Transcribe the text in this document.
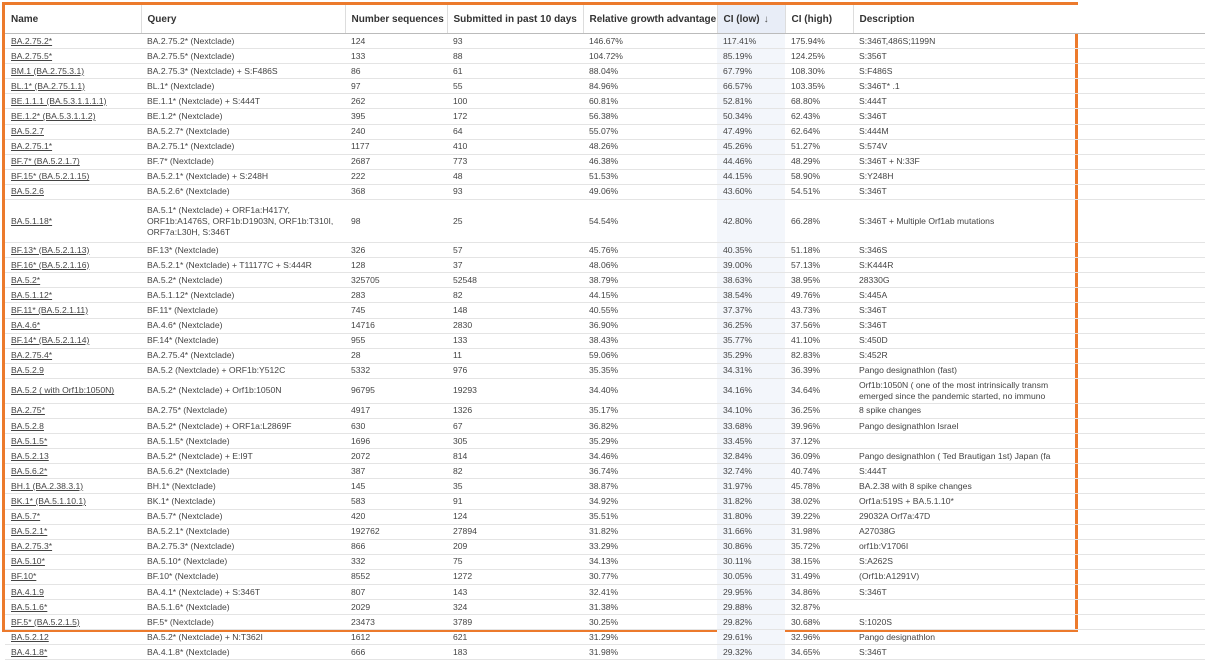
Name	Query	Number sequences	Submitted in past 10 days	Relative growth advantage	CI (low) ↓	CI (high)	Description
BA.2.75.2*	BA.2.75.2* (Nextclade)	124	93	146.67%	117.41%	175.94%	S:346T,486S;1199N
BA.2.75.5*	BA.2.75.5* (Nextclade)	133	88	104.72%	85.19%	124.25%	S:356T
BM.1 (BA.2.75.3.1)	BA.2.75.3* (Nextclade) + S:F486S	86	61	88.04%	67.79%	108.30%	S:F486S
BL.1* (BA.2.75.1.1)	BL.1* (Nextclade)	97	55	84.96%	66.57%	103.35%	S:346T* .1
BE.1.1.1 (BA.5.3.1.1.1.1)	BE.1.1* (Nextclade) + S:444T	262	100	60.81%	52.81%	68.80%	S:444T
BE.1.2* (BA.5.3.1.1.2)	BE.1.2* (Nextclade)	395	172	56.38%	50.34%	62.43%	S:346T
BA.5.2.7	BA.5.2.7* (Nextclade)	240	64	55.07%	47.49%	62.64%	S:444M
BA.2.75.1*	BA.2.75.1* (Nextclade)	1177	410	48.26%	45.26%	51.27%	S:574V
BF.7* (BA.5.2.1.7)	BF.7* (Nextclade)	2687	773	46.38%	44.46%	48.29%	S:346T + N:33F
BF.15* (BA.5.2.1.15)	BA.5.2.1* (Nextclade) + S:248H	222	48	51.53%	44.15%	58.90%	S:Y248H
BA.5.2.6	BA.5.2.6* (Nextclade)	368	93	49.06%	43.60%	54.51%	S:346T
BA.5.1.18*	BA.5.1* (Nextclade) + ORF1a:H417Y, ORF1b:A1476S, ORF1b:D1903N, ORF1b:T310I, ORF7a:L30H, S:346T	98	25	54.54%	42.80%	66.28%	S:346T + Multiple Orf1ab mutations
BF.13* (BA.5.2.1.13)	BF.13* (Nextclade)	326	57	45.76%	40.35%	51.18%	S:346S
BF.16* (BA.5.2.1.16)	BA.5.2.1* (Nextclade) + T11177C + S:444R	128	37	48.06%	39.00%	57.13%	S:K444R
BA.5.2*	BA.5.2* (Nextclade)	325705	52548	38.79%	38.63%	38.95%	28330G
BA.5.1.12*	BA.5.1.12* (Nextclade)	283	82	44.15%	38.54%	49.76%	S:445A
BF.11* (BA.5.2.1.11)	BF.11* (Nextclade)	745	148	40.55%	37.37%	43.73%	S:346T
BA.4.6*	BA.4.6* (Nextclade)	14716	2830	36.90%	36.25%	37.56%	S:346T
BF.14* (BA.5.2.1.14)	BF.14* (Nextclade)	955	133	38.43%	35.77%	41.10%	S:450D
BA.2.75.4*	BA.2.75.4* (Nextclade)	28	11	59.06%	35.29%	82.83%	S:452R
BA.5.2.9	BA.5.2 (Nextclade) + ORF1b:Y512C	5332	976	35.35%	34.31%	36.39%	Pango designathlon (fast)
BA.5.2 ( with Orf1b:1050N)	BA.5.2* (Nextclade) + Orf1b:1050N	96795	19293	34.40%	34.16%	34.64%	Orf1b:1050N ( one of the most intrinsically transm
emerged since the pandemic started, no immuno

BA.2.75*	BA.2.75* (Nextclade)	4917	1326	35.17%	34.10%	36.25%	8 spike changes
BA.5.2.8	BA.5.2* (Nextclade) + ORF1a:L2869F	630	67	36.82%	33.68%	39.96%	Pango designathlon Israel
BA.5.1.5*	BA.5.1.5* (Nextclade)	1696	305	35.29%	33.45%	37.12%	
BA.5.2.13	BA.5.2* (Nextclade) + E:I9T	2072	814	34.46%	32.84%	36.09%	Pango designathlon ( Ted Brautigan 1st) Japan (fa
BA.5.6.2*	BA.5.6.2* (Nextclade)	387	82	36.74%	32.74%	40.74%	S:444T
BH.1 (BA.2.38.3.1)	BH.1* (Nextclade)	145	35	38.87%	31.97%	45.78%	BA.2.38 with 8 spike changes
BK.1* (BA.5.1.10.1)	BK.1* (Nextclade)	583	91	34.92%	31.82%	38.02%	Orf1a:519S + BA.5.1.10*
BA.5.7*	BA.5.7* (Nextclade)	420	124	35.51%	31.80%	39.22%	29032A Orf7a:47D
BA.5.2.1*	BA.5.2.1* (Nextclade)	192762	27894	31.82%	31.66%	31.98%	A27038G
BA.2.75.3*	BA.2.75.3* (Nextclade)	866	209	33.29%	30.86%	35.72%	orf1b:V1706I
BA.5.10*	BA.5.10* (Nextclade)	332	75	34.13%	30.11%	38.15%	S:A262S
BF.10*	BF.10* (Nextclade)	8552	1272	30.77%	30.05%	31.49%	(Orf1b:A1291V)
BA.4.1.9	BA.4.1* (Nextclade) + S:346T	807	143	32.41%	29.95%	34.86%	S:346T
BA.5.1.6*	BA.5.1.6* (Nextclade)	2029	324	31.38%	29.88%	32.87%	
BF.5* (BA.5.2.1.5)	BF.5* (Nextclade)	23473	3789	30.25%	29.82%	30.68%	S:1020S
BA.5.2.12	BA.5.2* (Nextclade) + N:T362I	1612	621	31.29%	29.61%	32.96%	Pango designathlon
BA.4.1.8*	BA.4.1.8* (Nextclade)	666	183	31.98%	29.32%	34.65%	S:346T
